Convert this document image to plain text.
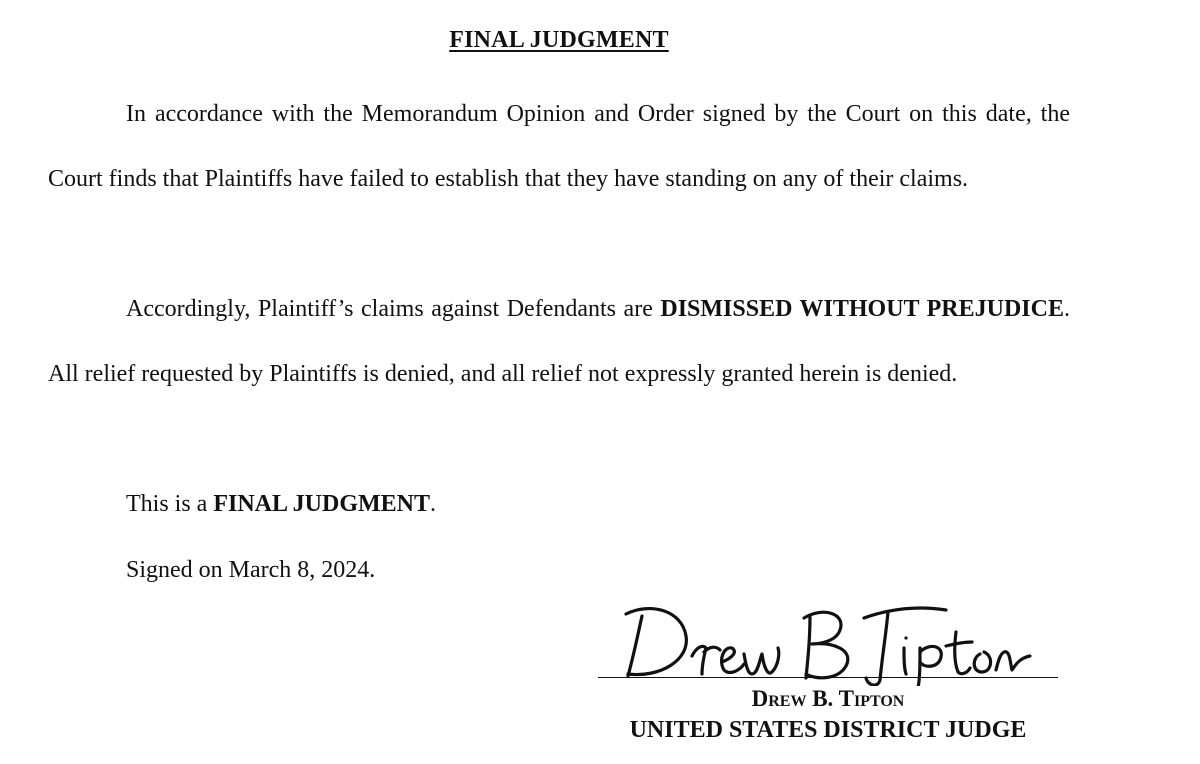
FINAL JUDGMENT
In accordance with the Memorandum Opinion and Order signed by the Court on this date, the Court finds that Plaintiffs have failed to establish that they have standing on any of their claims.
Accordingly, Plaintiff’s claims against Defendants are DISMISSED WITHOUT PREJUDICE. All relief requested by Plaintiffs is denied, and all relief not expressly granted herein is denied.
This is a FINAL JUDGMENT.
Signed on March 8, 2024.
Drew B. Tipton
UNITED STATES DISTRICT JUDGE
